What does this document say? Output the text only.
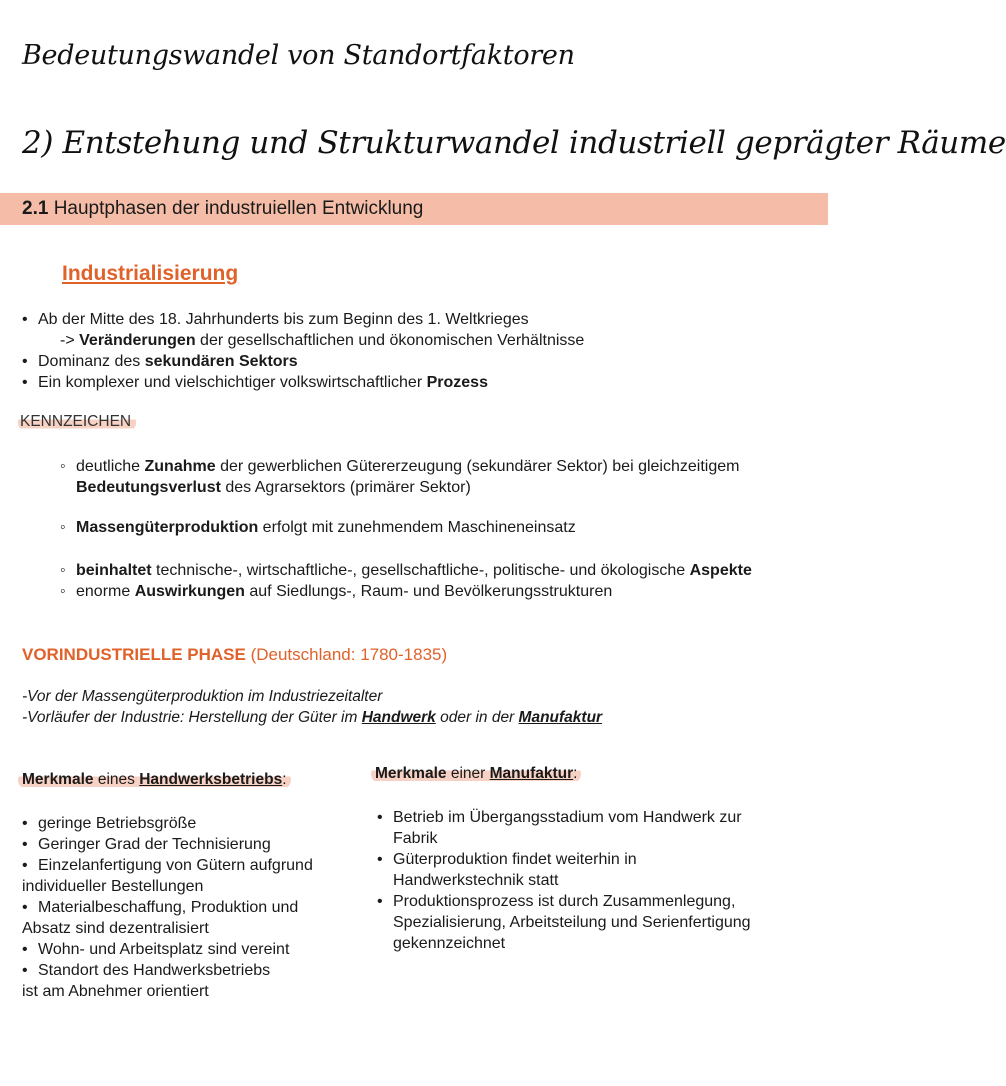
Bedeutungswandel von Standortfaktoren
2) Entstehung und Strukturwandel industriell geprägter Räume
2.1 Hauptphasen der industruiellen Entwicklung
Industrialisierung
• Ab der Mitte des 18. Jahrhunderts bis zum Beginn des 1. Weltkrieges
-> Veränderungen der gesellschaftlichen und ökonomischen Verhältnisse
• Dominanz des sekundären Sektors
• Ein komplexer und vielschichtiger volkswirtschaftlicher Prozess
KENNZEICHEN
◦ deutliche Zunahme der gewerblichen Gütererzeugung (sekundärer Sektor) bei gleichzeitigem
Bedeutungsverlust des Agrarsektors (primärer Sektor)
◦ Massengüterproduktion erfolgt mit zunehmendem Maschineneinsatz
◦ beinhaltet technische-, wirtschaftliche-, gesellschaftliche-, politische- und ökologische Aspekte
◦ enorme Auswirkungen auf Siedlungs-, Raum- und Bevölkerungsstrukturen
VORINDUSTRIELLE PHASE (Deutschland: 1780-1835)
-Vor der Massengüterproduktion im Industriezeitalter
-Vorläufer der Industrie: Herstellung der Güter im Handwerk oder in der Manufaktur
Merkmale eines Handwerksbetriebs:
• geringe Betriebsgröße
• Geringer Grad der Technisierung
• Einzelanfertigung von Gütern aufgrund
individueller Bestellungen
• Materialbeschaffung, Produktion und
Absatz sind dezentralisiert
• Wohn- und Arbeitsplatz sind vereint
• Standort des Handwerksbetriebs
ist am Abnehmer orientiert
Merkmale einer Manufaktur:
• Betrieb im Übergangsstadium vom Handwerk zur
Fabrik
• Güterproduktion findet weiterhin in
Handwerkstechnik statt
• Produktionsprozess ist durch Zusammenlegung,
Spezialisierung, Arbeitsteilung und Serienfertigung
gekennzeichnet
